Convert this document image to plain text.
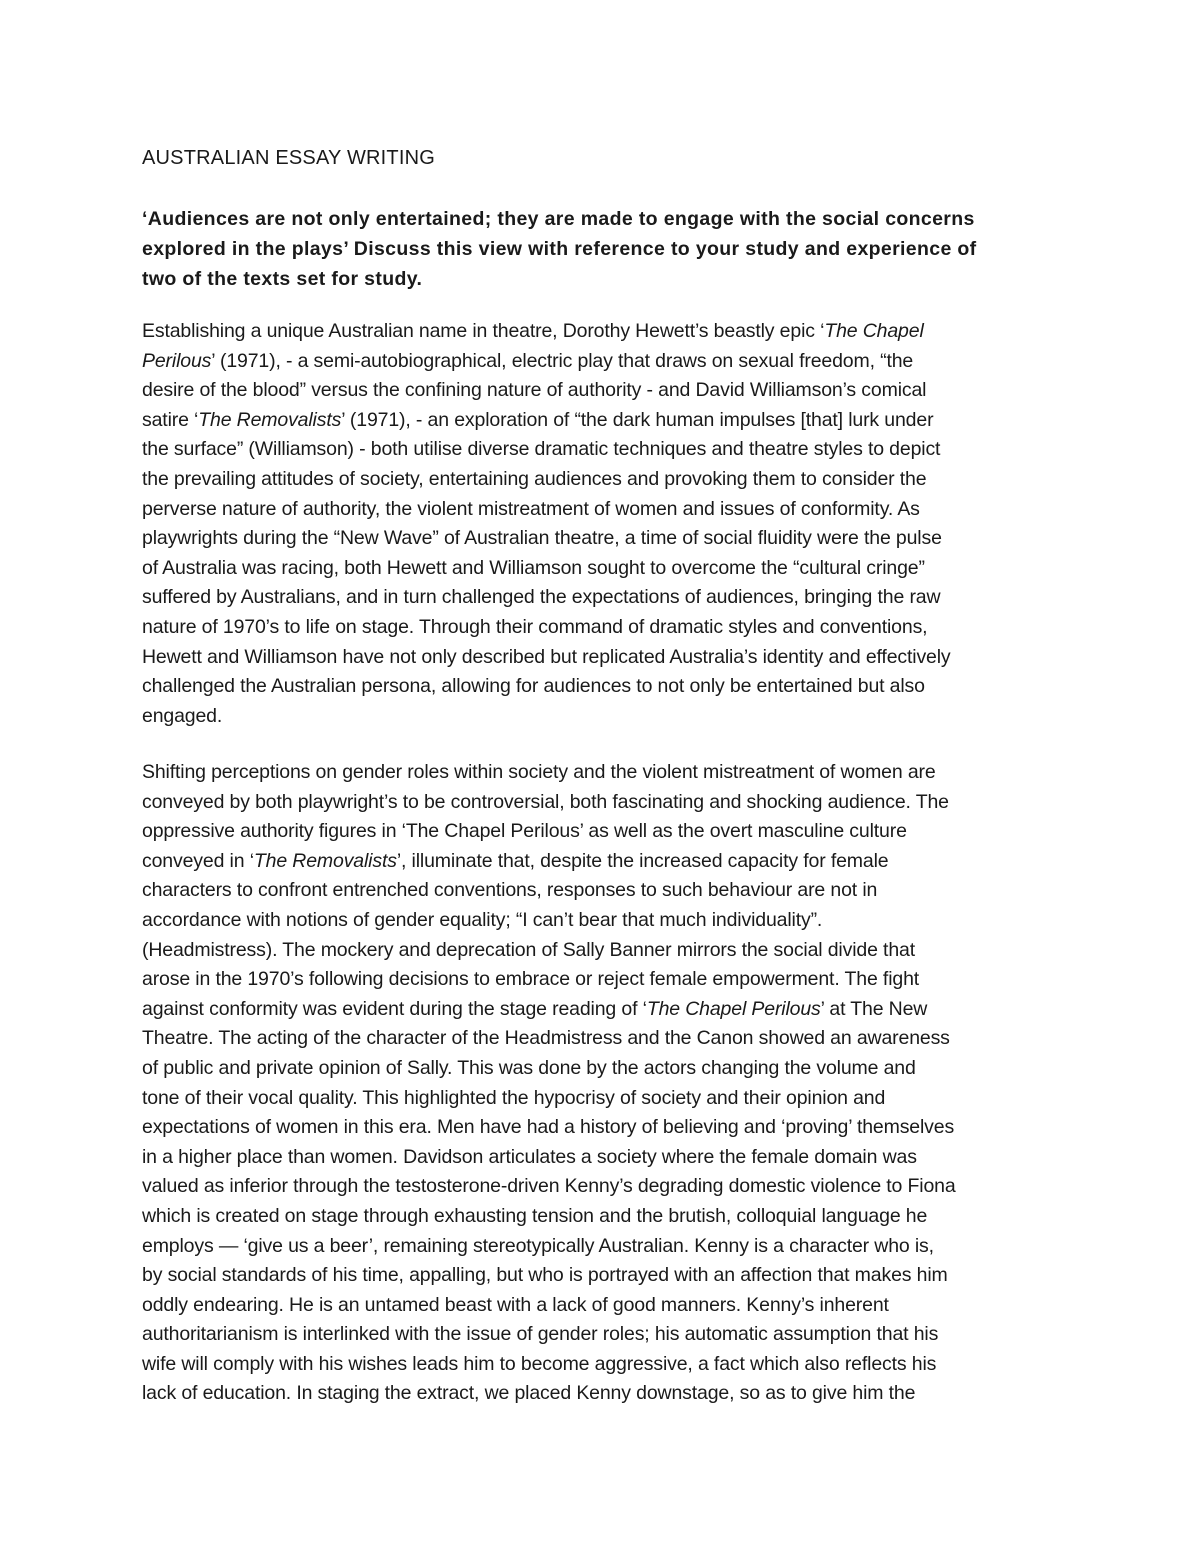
AUSTRALIAN ESSAY WRITING
‘Audiences are not only entertained; they are made to engage with the social concerns
explored in the plays’ Discuss this view with reference to your study and experience of
two of the texts set for study.
Establishing a unique Australian name in theatre, Dorothy Hewett’s beastly epic ‘The Chapel
Perilous’ (1971), - a semi-autobiographical, electric play that draws on sexual freedom, “the
desire of the blood” versus the confining nature of authority - and David Williamson’s comical
satire ‘The Removalists’ (1971), - an exploration of “the dark human impulses [that] lurk under
the surface” (Williamson) - both utilise diverse dramatic techniques and theatre styles to depict
the prevailing attitudes of society, entertaining audiences and provoking them to consider the
perverse nature of authority, the violent mistreatment of women and issues of conformity. As
playwrights during the “New Wave” of Australian theatre, a time of social fluidity were the pulse
of Australia was racing, both Hewett and Williamson sought to overcome the “cultural cringe”
suffered by Australians, and in turn challenged the expectations of audiences, bringing the raw
nature of 1970’s to life on stage. Through their command of dramatic styles and conventions,
Hewett and Williamson have not only described but replicated Australia’s identity and effectively
challenged the Australian persona, allowing for audiences to not only be entertained but also
engaged.
Shifting perceptions on gender roles within society and the violent mistreatment of women are
conveyed by both playwright’s to be controversial, both fascinating and shocking audience. The
oppressive authority figures in ‘The Chapel Perilous’ as well as the overt masculine culture
conveyed in ‘The Removalists’, illuminate that, despite the increased capacity for female
characters to confront entrenched conventions, responses to such behaviour are not in
accordance with notions of gender equality; “I can’t bear that much individuality”.
(Headmistress). The mockery and deprecation of Sally Banner mirrors the social divide that
arose in the 1970’s following decisions to embrace or reject female empowerment. The fight
against conformity was evident during the stage reading of ‘The Chapel Perilous’ at The New
Theatre. The acting of the character of the Headmistress and the Canon showed an awareness
of public and private opinion of Sally. This was done by the actors changing the volume and
tone of their vocal quality. This highlighted the hypocrisy of society and their opinion and
expectations of women in this era. Men have had a history of believing and ‘proving’ themselves
in a higher place than women. Davidson articulates a society where the female domain was
valued as inferior through the testosterone-driven Kenny’s degrading domestic violence to Fiona
which is created on stage through exhausting tension and the brutish, colloquial language he
employs — ‘give us a beer’, remaining stereotypically Australian. Kenny is a character who is,
by social standards of his time, appalling, but who is portrayed with an affection that makes him
oddly endearing. He is an untamed beast with a lack of good manners. Kenny’s inherent
authoritarianism is interlinked with the issue of gender roles; his automatic assumption that his
wife will comply with his wishes leads him to become aggressive, a fact which also reflects his
lack of education. In staging the extract, we placed Kenny downstage, so as to give him the
